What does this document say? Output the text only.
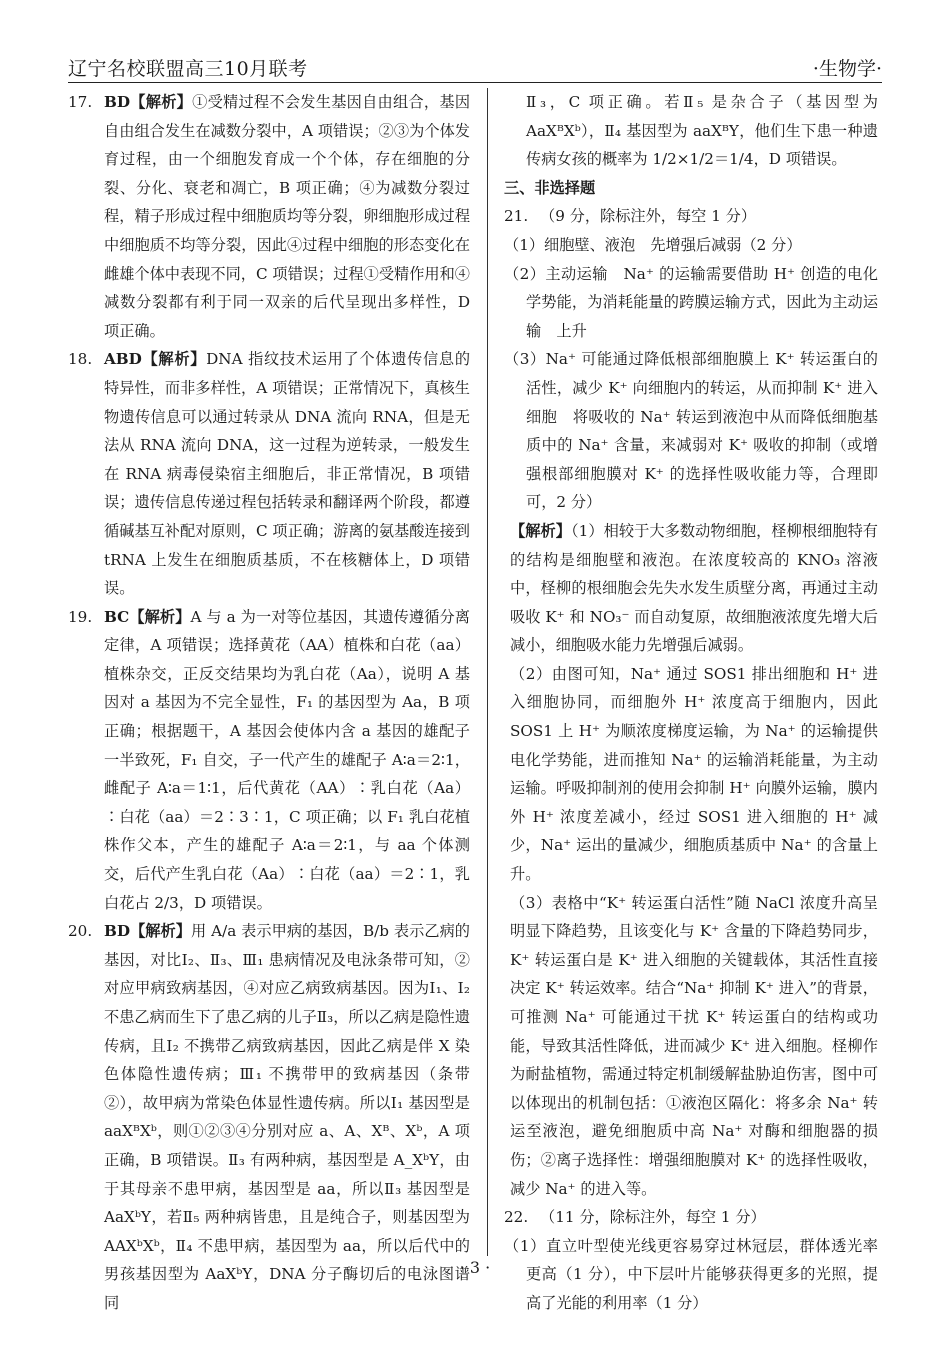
辽宁名校联盟高三10月联考	·生物学·

17. BD【解析】①受精过程不会发生基因自由组合，基因自由组合发生在减数分裂中，A 项错误；②③为个体发育过程，由一个细胞发育成一个个体，存在细胞的分裂、分化、衰老和凋亡，B 项正确；④为减数分裂过程，精子形成过程中细胞质均等分裂，卵细胞形成过程中细胞质不均等分裂，因此④过程中细胞的形态变化在雌雄个体中表现不同，C 项错误；过程①受精作用和④减数分裂都有利于同一双亲的后代呈现出多样性，D 项正确。

18. ABD【解析】DNA 指纹技术运用了个体遗传信息的特异性，而非多样性，A 项错误；正常情况下，真核生物遗传信息可以通过转录从 DNA 流向 RNA，但是无法从 RNA 流向 DNA，这一过程为逆转录，一般发生在 RNA 病毒侵染宿主细胞后，非正常情况，B 项错误；遗传信息传递过程包括转录和翻译两个阶段，都遵循碱基互补配对原则，C 项正确；游离的氨基酸连接到 tRNA 上发生在细胞质基质，不在核糖体上，D 项错误。

19. BC【解析】A 与 a 为一对等位基因，其遗传遵循分离定律，A 项错误；选择黄花（AA）植株和白花（aa）植株杂交，正反交结果均为乳白花（Aa），说明 A 基因对 a 基因为不完全显性，F₁ 的基因型为 Aa，B 项正确；根据题干，A 基因会使体内含 a 基因的雄配子一半致死，F₁ 自交，子一代产生的雄配子 A∶a＝2∶1，雌配子 A∶a＝1∶1，后代黄花（AA）∶乳白花（Aa）∶白花（aa）＝2∶3∶1，C 项正确；以 F₁ 乳白花植株作父本，产生的雄配子 A∶a＝2∶1，与 aa 个体测交，后代产生乳白花（Aa）∶白花（aa）＝2∶1，乳白花占 2/3，D 项错误。

20. BD【解析】用 A/a 表示甲病的基因，B/b 表示乙病的基因，对比Ⅰ₂、Ⅱ₃、Ⅲ₁ 患病情况及电泳条带可知，②对应甲病致病基因，④对应乙病致病基因。因为Ⅰ₁、Ⅰ₂ 不患乙病而生下了患乙病的儿子Ⅱ₃，所以乙病是隐性遗传病，且Ⅰ₂ 不携带乙病致病基因，因此乙病是伴 X 染色体隐性遗传病；Ⅲ₁ 不携带甲的致病基因（条带②），故甲病为常染色体显性遗传病。所以Ⅰ₁ 基因型是 aaXᴮXᵇ，则①②③④分别对应 a、A、Xᴮ、Xᵇ，A 项正确，B 项错误。Ⅱ₃ 有两种病，基因型是 A_XᵇY，由于其母亲不患甲病，基因型是 aa，所以Ⅱ₃ 基因型是 AaXᵇY，若Ⅱ₅ 两种病皆患，且是纯合子，则基因型为 AAXᵇXᵇ，Ⅱ₄ 不患甲病，基因型为 aa，所以后代中的男孩基因型为 AaXᵇY，DNA 分子酶切后的电泳图谱同

Ⅱ₃，C 项正确。若Ⅱ₅ 是杂合子（基因型为 AaXᴮXᵇ），Ⅱ₄ 基因型为 aaXᴮY，他们生下患一种遗传病女孩的概率为 1/2×1/2＝1/4，D 项错误。

三、非选择题

21. （9 分，除标注外，每空 1 分）

（1）细胞壁、液泡　先增强后减弱（2 分）

（2）主动运输　Na⁺ 的运输需要借助 H⁺ 创造的电化学势能，为消耗能量的跨膜运输方式，因此为主动运输　上升

（3）Na⁺ 可能通过降低根部细胞膜上 K⁺ 转运蛋白的活性，减少 K⁺ 向细胞内的转运，从而抑制 K⁺ 进入细胞　将吸收的 Na⁺ 转运到液泡中从而降低细胞基质中的 Na⁺ 含量，来减弱对 K⁺ 吸收的抑制（或增强根部细胞膜对 K⁺ 的选择性吸收能力等，合理即可，2 分）

【解析】（1）相较于大多数动物细胞，柽柳根细胞特有的结构是细胞壁和液泡。在浓度较高的 KNO₃ 溶液中，柽柳的根细胞会先失水发生质壁分离，再通过主动吸收 K⁺ 和 NO₃⁻ 而自动复原，故细胞液浓度先增大后减小，细胞吸水能力先增强后减弱。

（2）由图可知，Na⁺ 通过 SOS1 排出细胞和 H⁺ 进入细胞协同，而细胞外 H⁺ 浓度高于细胞内，因此 SOS1 上 H⁺ 为顺浓度梯度运输，为 Na⁺ 的运输提供电化学势能，进而推知 Na⁺ 的运输消耗能量，为主动运输。呼吸抑制剂的使用会抑制 H⁺ 向膜外运输，膜内外 H⁺ 浓度差减小，经过 SOS1 进入细胞的 H⁺ 减少，Na⁺ 运出的量减少，细胞质基质中 Na⁺ 的含量上升。

（3）表格中“K⁺ 转运蛋白活性”随 NaCl 浓度升高呈明显下降趋势，且该变化与 K⁺ 含量的下降趋势同步，K⁺ 转运蛋白是 K⁺ 进入细胞的关键载体，其活性直接决定 K⁺ 转运效率。结合“Na⁺ 抑制 K⁺ 进入”的背景，可推测 Na⁺ 可能通过干扰 K⁺ 转运蛋白的结构或功能，导致其活性降低，进而减少 K⁺ 进入细胞。柽柳作为耐盐植物，需通过特定机制缓解盐胁迫伤害，图中可以体现出的机制包括：①液泡区隔化：将多余 Na⁺ 转运至液泡，避免细胞质中高 Na⁺ 对酶和细胞器的损伤；②离子选择性：增强细胞膜对 K⁺ 的选择性吸收，减少 Na⁺ 的进入等。

22. （11 分，除标注外，每空 1 分）

（1）直立叶型使光线更容易穿过林冠层，群体透光率更高（1 分），中下层叶片能够获得更多的光照，提高了光能的利用率（1 分）

· 3 ·
